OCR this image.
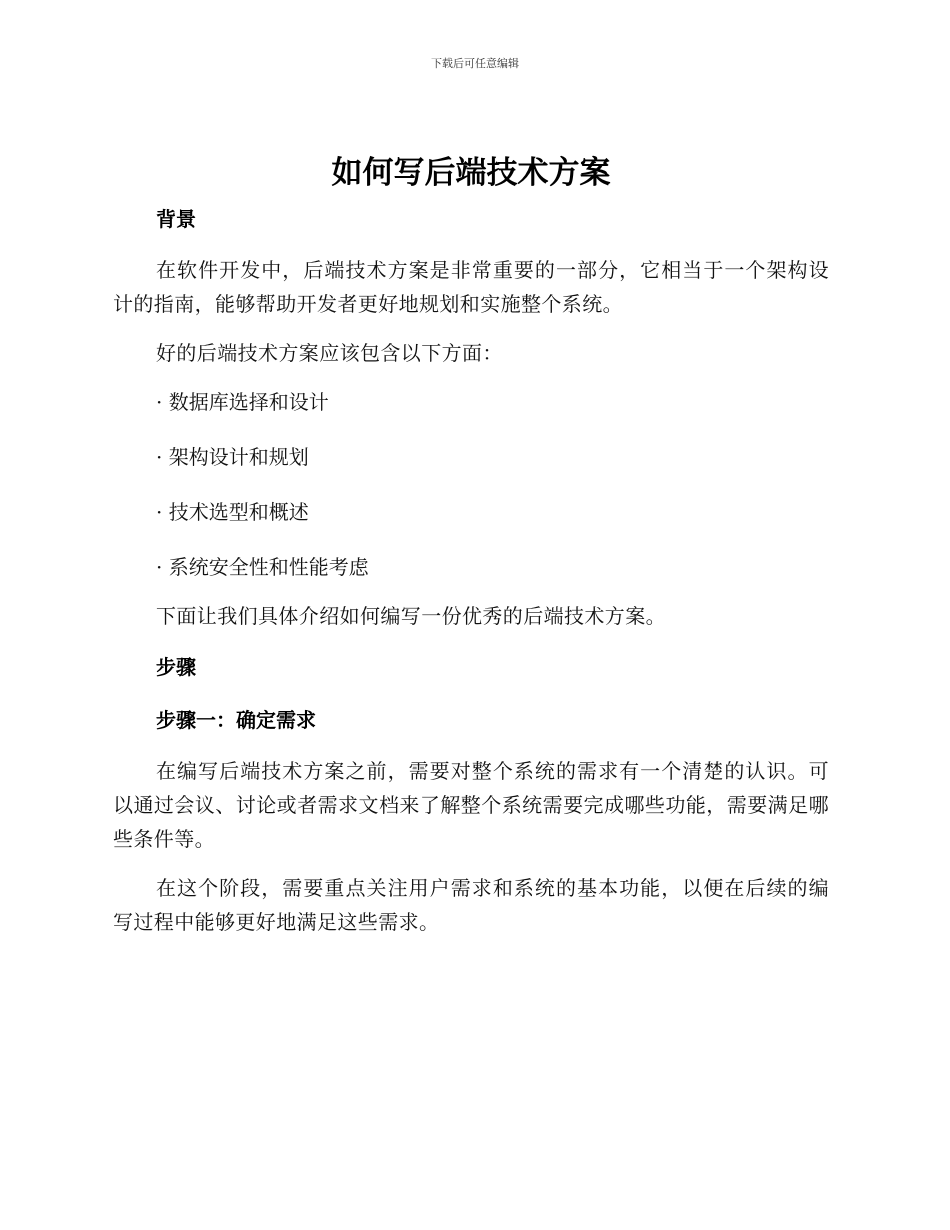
下载后可任意编辑
如何写后端技术方案
背景

在软件开发中，后端技术方案是非常重要的一部分，它相当于一个架构设计的指南，能够帮助开发者更好地规划和实施整个系统。

好的后端技术方案应该包含以下方面：

· 数据库选择和设计
· 架构设计和规划
· 技术选型和概述
· 系统安全性和性能考虑

下面让我们具体介绍如何编写一份优秀的后端技术方案。

步骤
步骤一：确定需求

在编写后端技术方案之前，需要对整个系统的需求有一个清楚的认识。可以通过会议、讨论或者需求文档来了解整个系统需要完成哪些功能，需要满足哪些条件等。

在这个阶段，需要重点关注用户需求和系统的基本功能，以便在后续的编写过程中能够更好地满足这些需求。
